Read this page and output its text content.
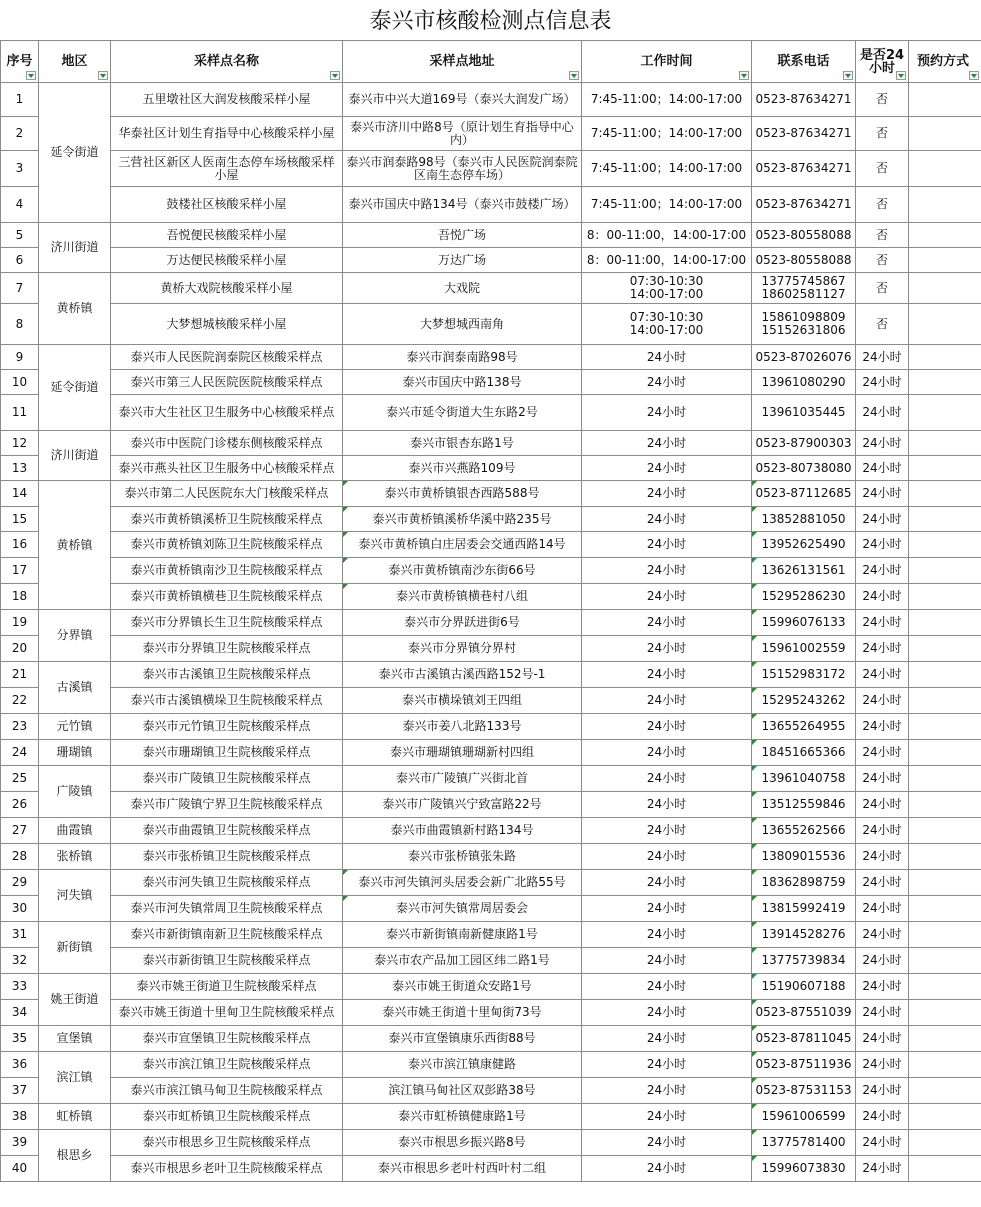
泰兴市核酸检测点信息表
序号	地区	采样点名称	采样点地址	工作时间	联系电话	是否24小时	预约方式

1	延令街道	五里墩社区大润发核酸采样小屋	泰兴市中兴大道169号（泰兴大润发广场）	7:45-11:00；14:00-17:00	0523-87634271	否	
2		华泰社区计划生育指导中心核酸采样小屋	泰兴市济川中路8号（原计划生育指导中心内）	7:45-11:00；14:00-17:00	0523-87634271	否	
3		三营社区新区人医南生态停车场核酸采样小屋	泰兴市润泰路98号（泰兴市人民医院润泰院区南生态停车场）	7:45-11:00；14:00-17:00	0523-87634271	否	
4		鼓楼社区核酸采样小屋	泰兴市国庆中路134号（泰兴市鼓楼广场）	7:45-11:00；14:00-17:00	0523-87634271	否	
5	济川街道	吾悦便民核酸采样小屋	吾悦广场	8：00-11:00，14:00-17:00	0523-80558088	否	
6		万达便民核酸采样小屋	万达广场	8：00-11:00，14:00-17:00	0523-80558088	否	
7	黄桥镇	黄桥大戏院核酸采样小屋	大戏院	07:30-10:30
14:00-17:00	13775745867
18602581127	否	
8		大梦想城核酸采样小屋	大梦想城西南角	07:30-10:30
14:00-17:00	15861098809
15152631806	否	
9	延令街道	泰兴市人民医院润泰院区核酸采样点	泰兴市润泰南路98号	24小时	0523-87026076	24小时	
10		泰兴市第三人民医院医院核酸采样点	泰兴市国庆中路138号	24小时	13961080290	24小时	
11		泰兴市大生社区卫生服务中心核酸采样点	泰兴市延令街道大生东路2号	24小时	13961035445	24小时	
12	济川街道	泰兴市中医院门诊楼东侧核酸采样点	泰兴市银杏东路1号	24小时	0523-87900303	24小时	
13		泰兴市燕头社区卫生服务中心核酸采样点	泰兴市兴燕路109号	24小时	0523-80738080	24小时	
14	黄桥镇	泰兴市第二人民医院东大门核酸采样点	泰兴市黄桥镇银杏西路588号	24小时	0523-87112685	24小时	
15		泰兴市黄桥镇溪桥卫生院核酸采样点	泰兴市黄桥镇溪桥华溪中路235号	24小时	13852881050	24小时	
16		泰兴市黄桥镇刘陈卫生院核酸采样点	泰兴市黄桥镇白庄居委会交通西路14号	24小时	13952625490	24小时	
17		泰兴市黄桥镇南沙卫生院核酸采样点	泰兴市黄桥镇南沙东街66号	24小时	13626131561	24小时	
18		泰兴市黄桥镇横巷卫生院核酸采样点	泰兴市黄桥镇横巷村八组	24小时	15295286230	24小时	
19	分界镇	泰兴市分界镇长生卫生院核酸采样点	泰兴市分界跃进街6号	24小时	15996076133	24小时	
20		泰兴市分界镇卫生院核酸采样点	泰兴市分界镇分界村	24小时	15961002559	24小时	
21	古溪镇	泰兴市古溪镇卫生院核酸采样点	泰兴市古溪镇古溪西路152号-1	24小时	15152983172	24小时	
22		泰兴市古溪镇横垛卫生院核酸采样点	泰兴市横垛镇刘王四组	24小时	15295243262	24小时	
23	元竹镇	泰兴市元竹镇卫生院核酸采样点	泰兴市姜八北路133号	24小时	13655264955	24小时	
24	珊瑚镇	泰兴市珊瑚镇卫生院核酸采样点	泰兴市珊瑚镇珊瑚新村四组	24小时	18451665366	24小时	
25	广陵镇	泰兴市广陵镇卫生院核酸采样点	泰兴市广陵镇广兴街北首	24小时	13961040758	24小时	
26		泰兴市广陵镇宁界卫生院核酸采样点	泰兴市广陵镇兴宁致富路22号	24小时	13512559846	24小时	
27	曲霞镇	泰兴市曲霞镇卫生院核酸采样点	泰兴市曲霞镇新村路134号	24小时	13655262566	24小时	
28	张桥镇	泰兴市张桥镇卫生院核酸采样点	泰兴市张桥镇张朱路	24小时	13809015536	24小时	
29	河失镇	泰兴市河失镇卫生院核酸采样点	泰兴市河失镇河头居委会新广北路55号	24小时	18362898759	24小时	
30		泰兴市河失镇常周卫生院核酸采样点	泰兴市河失镇常周居委会	24小时	13815992419	24小时	
31	新街镇	泰兴市新街镇南新卫生院核酸采样点	泰兴市新街镇南新健康路1号	24小时	13914528276	24小时	
32		泰兴市新街镇卫生院核酸采样点	泰兴市农产品加工园区纬二路1号	24小时	13775739834	24小时	
33	姚王街道	泰兴市姚王街道卫生院核酸采样点	泰兴市姚王街道众安路1号	24小时	15190607188	24小时	
34		泰兴市姚王街道十里甸卫生院核酸采样点	泰兴市姚王街道十里甸街73号	24小时	0523-87551039	24小时	
35	宣堡镇	泰兴市宣堡镇卫生院核酸采样点	泰兴市宣堡镇康乐西街88号	24小时	0523-87811045	24小时	
36	滨江镇	泰兴市滨江镇卫生院核酸采样点	泰兴市滨江镇康健路	24小时	0523-87511936	24小时	
37		泰兴市滨江镇马甸卫生院核酸采样点	滨江镇马甸社区双彭路38号	24小时	0523-87531153	24小时	
38	虹桥镇	泰兴市虹桥镇卫生院核酸采样点	泰兴市虹桥镇健康路1号	24小时	15961006599	24小时	
39	根思乡	泰兴市根思乡卫生院核酸采样点	泰兴市根思乡振兴路8号	24小时	13775781400	24小时	
40		泰兴市根思乡老叶卫生院核酸采样点	泰兴市根思乡老叶村西叶村二组	24小时	15996073830	24小时	
